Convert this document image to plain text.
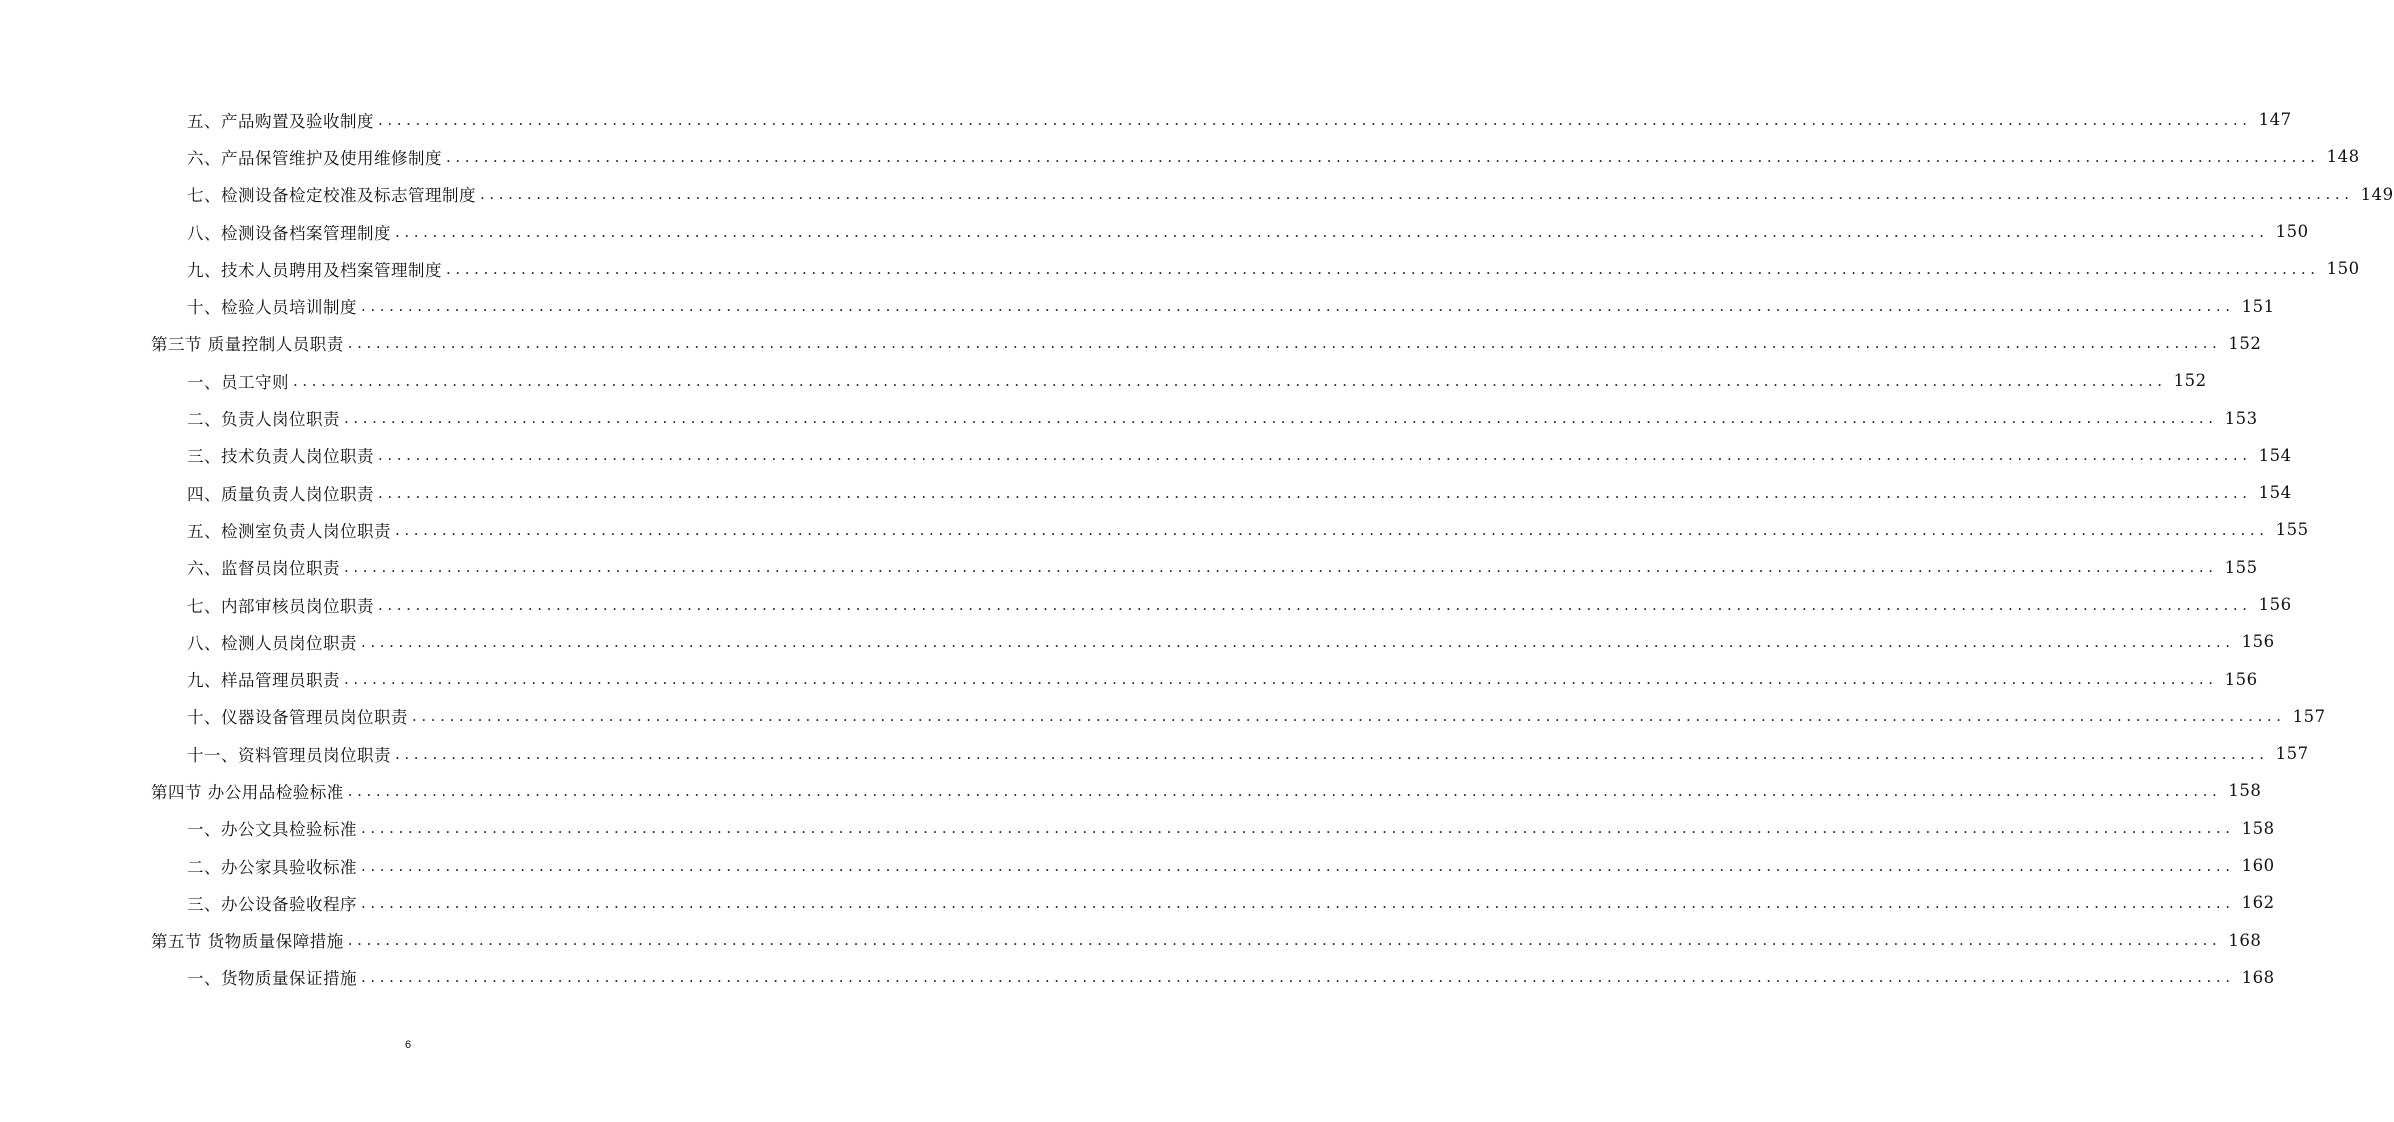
五、产品购置及验收制度 ........................................................................................................................................................................................................ 147
六、产品保管维护及使用维修制度 ........................................................................................................................................................................................................ 148
七、检测设备检定校准及标志管理制度 ........................................................................................................................................................................................................ 149
八、检测设备档案管理制度 ........................................................................................................................................................................................................ 150
九、技术人员聘用及档案管理制度 ........................................................................................................................................................................................................ 150
十、检验人员培训制度 ........................................................................................................................................................................................................ 151
第三节 质量控制人员职责 ........................................................................................................................................................................................................ 152
一、员工守则 ........................................................................................................................................................................................................ 152
二、负责人岗位职责 ........................................................................................................................................................................................................ 153
三、技术负责人岗位职责 ........................................................................................................................................................................................................ 154
四、质量负责人岗位职责 ........................................................................................................................................................................................................ 154
五、检测室负责人岗位职责 ........................................................................................................................................................................................................ 155
六、监督员岗位职责 ........................................................................................................................................................................................................ 155
七、内部审核员岗位职责 ........................................................................................................................................................................................................ 156
八、检测人员岗位职责 ........................................................................................................................................................................................................ 156
九、样品管理员职责 ........................................................................................................................................................................................................ 156
十、仪器设备管理员岗位职责 ........................................................................................................................................................................................................ 157
十一、资料管理员岗位职责 ........................................................................................................................................................................................................ 157
第四节 办公用品检验标准 ........................................................................................................................................................................................................ 158
一、办公文具检验标准 ........................................................................................................................................................................................................ 158
二、办公家具验收标准 ........................................................................................................................................................................................................ 160
三、办公设备验收程序 ........................................................................................................................................................................................................ 162
第五节 货物质量保障措施 ........................................................................................................................................................................................................ 168
一、货物质量保证措施 ........................................................................................................................................................................................................ 168
6
